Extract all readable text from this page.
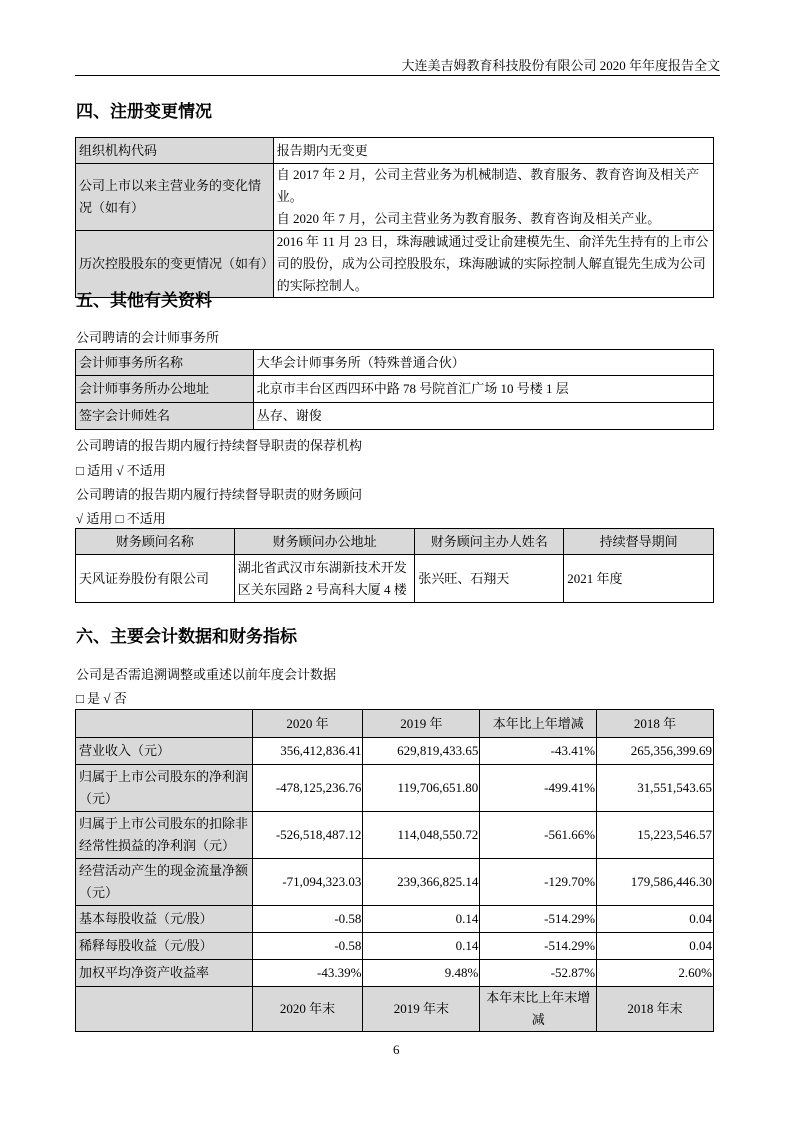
大连美吉姆教育科技股份有限公司 2020 年年度报告全文
四、注册变更情况
组织机构代码	报告期内无变更
公司上市以来主营业务的变化情况（如有）	自 2017 年 2 月，公司主营业务为机械制造、教育服务、教育咨询及相关产业。
自 2020 年 7 月，公司主营业务为教育服务、教育咨询及相关产业。

历次控股股东的变更情况（如有）	2016 年 11 月 23 日，珠海融诚通过受让俞建模先生、俞洋先生持有的上市公司的股份，成为公司控股股东，珠海融诚的实际控制人解直锟先生成为公司的实际控制人。
五、其他有关资料
公司聘请的会计师事务所
会计师事务所名称	大华会计师事务所（特殊普通合伙）
会计师事务所办公地址	北京市丰台区西四环中路 78 号院首汇广场 10 号楼 1 层
签字会计师姓名	丛存、谢俊
公司聘请的报告期内履行持续督导职责的保荐机构
□ 适用 √ 不适用
公司聘请的报告期内履行持续督导职责的财务顾问
√ 适用 □ 不适用
财务顾问名称	财务顾问办公地址	财务顾问主办人姓名	持续督导期间
天风证券股份有限公司	湖北省武汉市东湖新技术开发区关东园路 2 号高科大厦 4 楼	张兴旺、石翔天	2021 年度
六、主要会计数据和财务指标
公司是否需追溯调整或重述以前年度会计数据
□ 是 √ 否
	2020 年	2019 年	本年比上年增减	2018 年
营业收入（元）	356,412,836.41	629,819,433.65	-43.41%	265,356,399.69
归属于上市公司股东的净利润（元）	-478,125,236.76	119,706,651.80	-499.41%	31,551,543.65
归属于上市公司股东的扣除非经常性损益的净利润（元）	-526,518,487.12	114,048,550.72	-561.66%	15,223,546.57
经营活动产生的现金流量净额（元）	-71,094,323.03	239,366,825.14	-129.70%	179,586,446.30
基本每股收益（元/股）	-0.58	0.14	-514.29%	0.04
稀释每股收益（元/股）	-0.58	0.14	-514.29%	0.04
加权平均净资产收益率	-43.39%	9.48%	-52.87%	2.60%
	2020 年末	2019 年末	本年末比上年末增减	2018 年末
6
